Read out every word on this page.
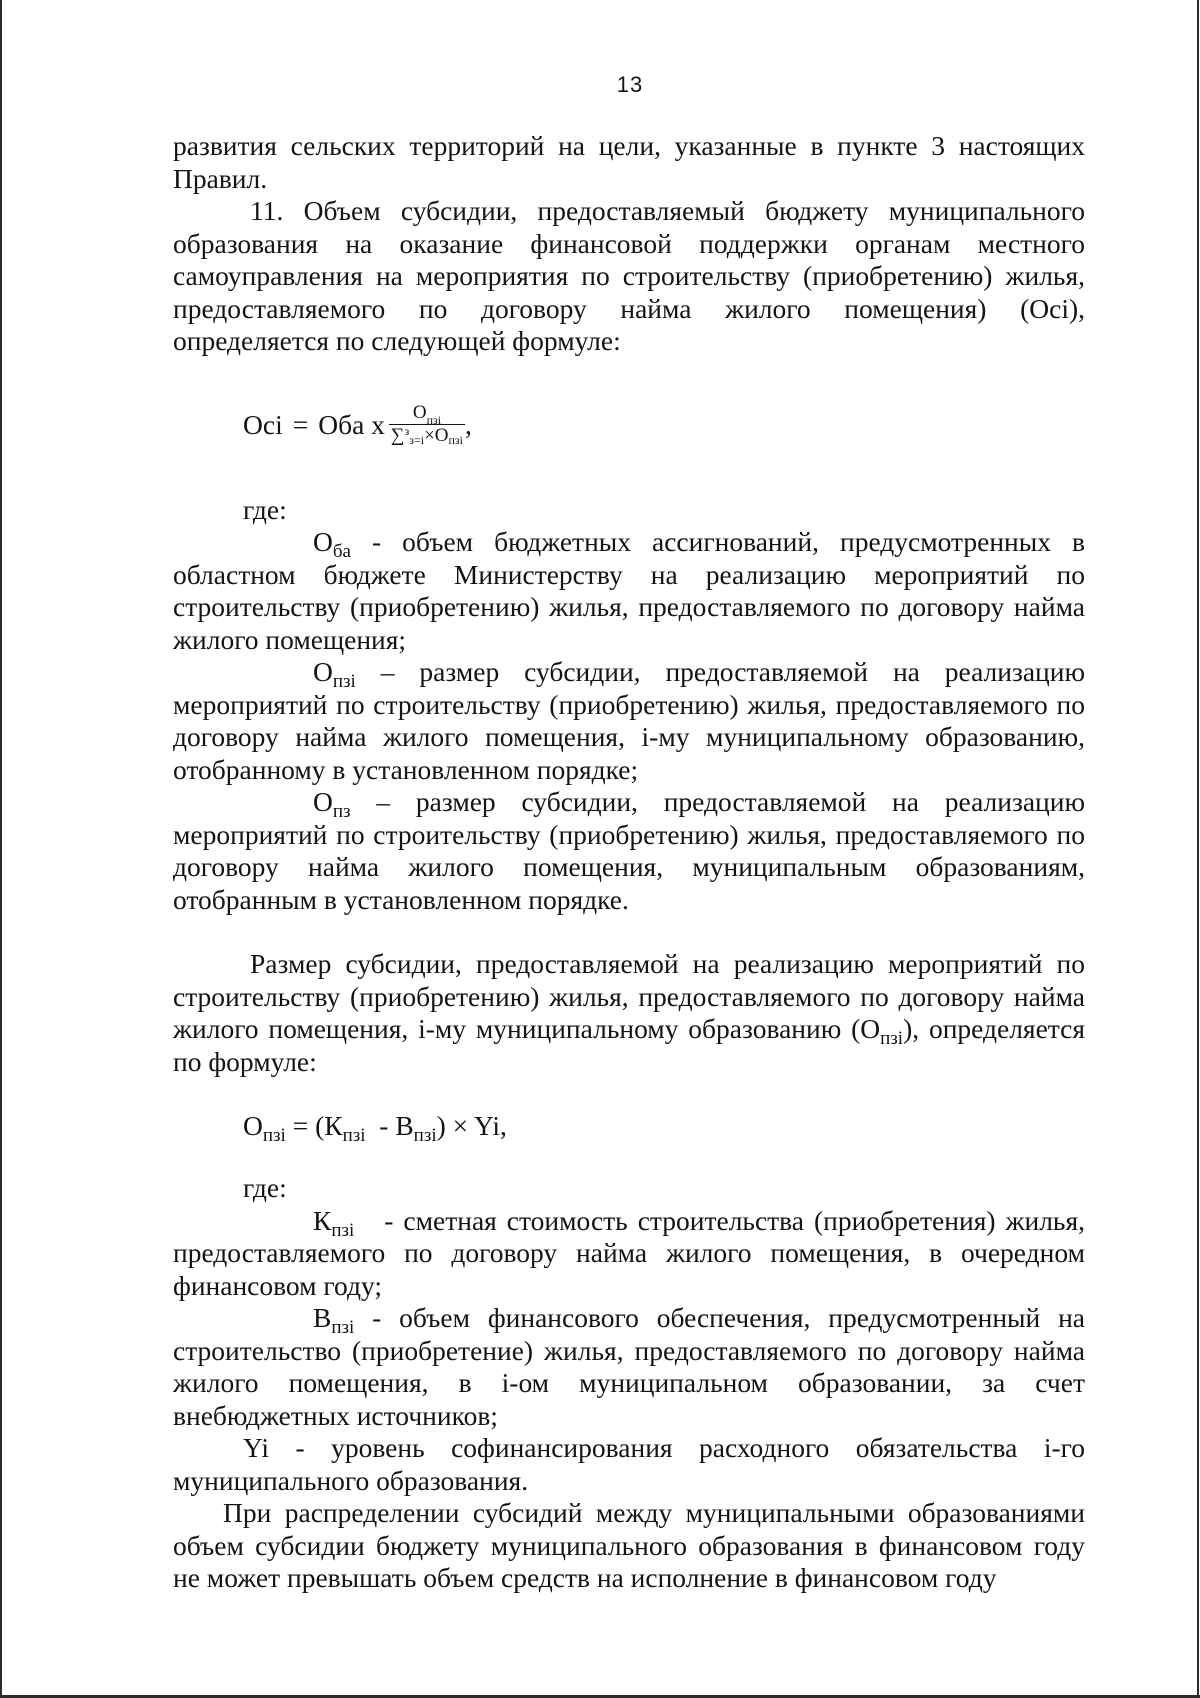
13

развития сельских территорий на цели, указанные в пункте 3 настоящих Правил.

11. Объем субсидии, предоставляемый бюджету муниципального образования на оказание финансовой поддержки органам местного самоуправления на мероприятия по строительству (приобретению) жилья, предоставляемого по договору найма жилого помещения) (Осi), определяется по следующей формуле:

Осi = Оба х $\frac{О_{пзi}}{\sum^з_{з=i}\times О_{пзi}}$ ,

где:

$О_{ба}$ - объем бюджетных ассигнований, предусмотренных в областном бюджете Министерству на реализацию мероприятий по строительству (приобретению) жилья, предоставляемого по договору найма жилого помещения;

$О_{пзi}$ – размер субсидии, предоставляемой на реализацию мероприятий по строительству (приобретению) жилья, предоставляемого по договору найма жилого помещения, i-му муниципальному образованию, отобранному в установленном порядке;

$О_{пз}$ – размер субсидии, предоставляемой на реализацию мероприятий по строительству (приобретению) жилья, предоставляемого по договору найма жилого помещения, муниципальным образованиям, отобранным в установленном порядке.

Размер субсидии, предоставляемой на реализацию мероприятий по строительству (приобретению) жилья, предоставляемого по договору найма жилого помещения, i-му муниципальному образованию $(О_{пзi})$, определяется по формуле:

$О_{пзi} = (К_{пзi} - В_{пзi}) \times Yi$,

где:

$К_{пзi}$   - сметная стоимость строительства (приобретения) жилья, предоставляемого по договору найма жилого помещения, в очередном финансовом году;

$В_{пзi}$ - объем финансового обеспечения, предусмотренный на строительство (приобретение) жилья, предоставляемого по договору найма жилого помещения, в i-ом муниципальном образовании, за счет внебюджетных источников;

Yi - уровень софинансирования расходного обязательства i-го муниципального образования.

При распределении субсидий между муниципальными образованиями объем субсидии бюджету муниципального образования в финансовом году не может превышать объем средств на исполнение в финансовом году
